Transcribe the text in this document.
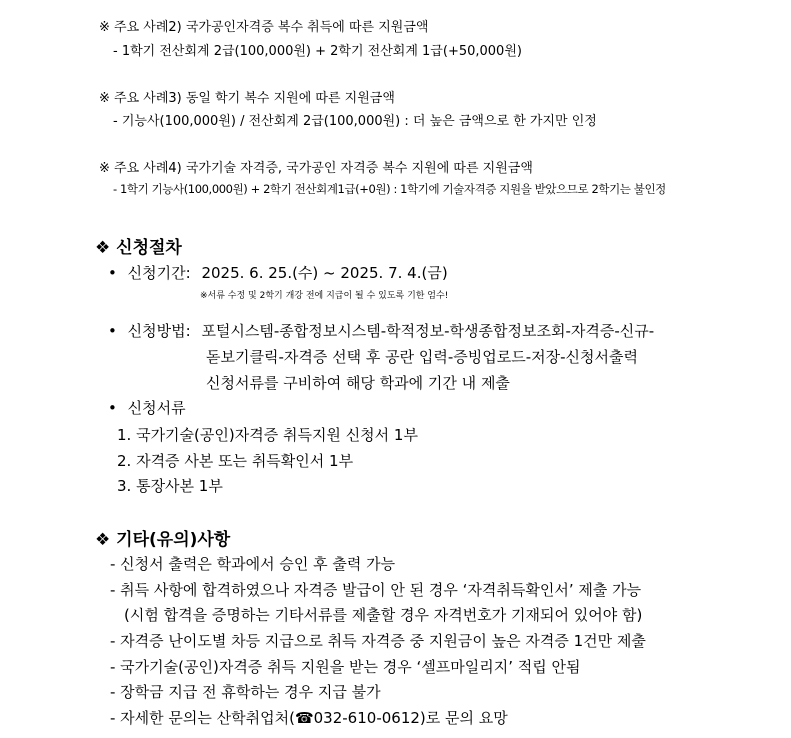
※ 주요 사례2) 국가공인자격증 복수 취득에 따른 지원금액
- 1학기 전산회계 2급(100,000원) + 2학기 전산회계 1급(+50,000원)
※ 주요 사례3) 동일 학기 복수 지원에 따른 지원금액
- 기능사(100,000원) / 전산회계 2급(100,000원) : 더 높은 금액으로 한 가지만 인정
※ 주요 사례4) 국가기술 자격증, 국가공인 자격증 복수 지원에 따른 지원금액
- 1학기 기능사(100,000원) + 2학기 전산회계1급(+0원) : 1학기에 기술자격증 지원을 받았으므로 2학기는 불인정
❖ 신청절차
• 신청기간: 2025. 6. 25.(수) ~ 2025. 7. 4.(금)
※서류 수정 및 2학기 개강 전에 지급이 될 수 있도록 기한 엄수!
• 신청방법: 포털시스템-종합정보시스템-학적정보-학생종합정보조회-자격증-신규-
돋보기클릭-자격증 선택 후 공란 입력-증빙업로드-저장-신청서출력
신청서류를 구비하여 해당 학과에 기간 내 제출
• 신청서류
1. 국가기술(공인)자격증 취득지원 신청서 1부
2. 자격증 사본 또는 취득확인서 1부
3. 통장사본 1부
❖ 기타(유의)사항
- 신청서 출력은 학과에서 승인 후 출력 가능
- 취득 사항에 합격하였으나 자격증 발급이 안 된 경우 ‘자격취득확인서’ 제출 가능
(시험 합격을 증명하는 기타서류를 제출할 경우 자격번호가 기재되어 있어야 함)
- 자격증 난이도별 차등 지급으로 취득 자격증 중 지원금이 높은 자격증 1건만 제출
- 국가기술(공인)자격증 취득 지원을 받는 경우 ‘셀프마일리지’ 적립 안됨
- 장학금 지급 전 휴학하는 경우 지급 불가
- 자세한 문의는 산학취업처(☎032-610-0612)로 문의 요망
